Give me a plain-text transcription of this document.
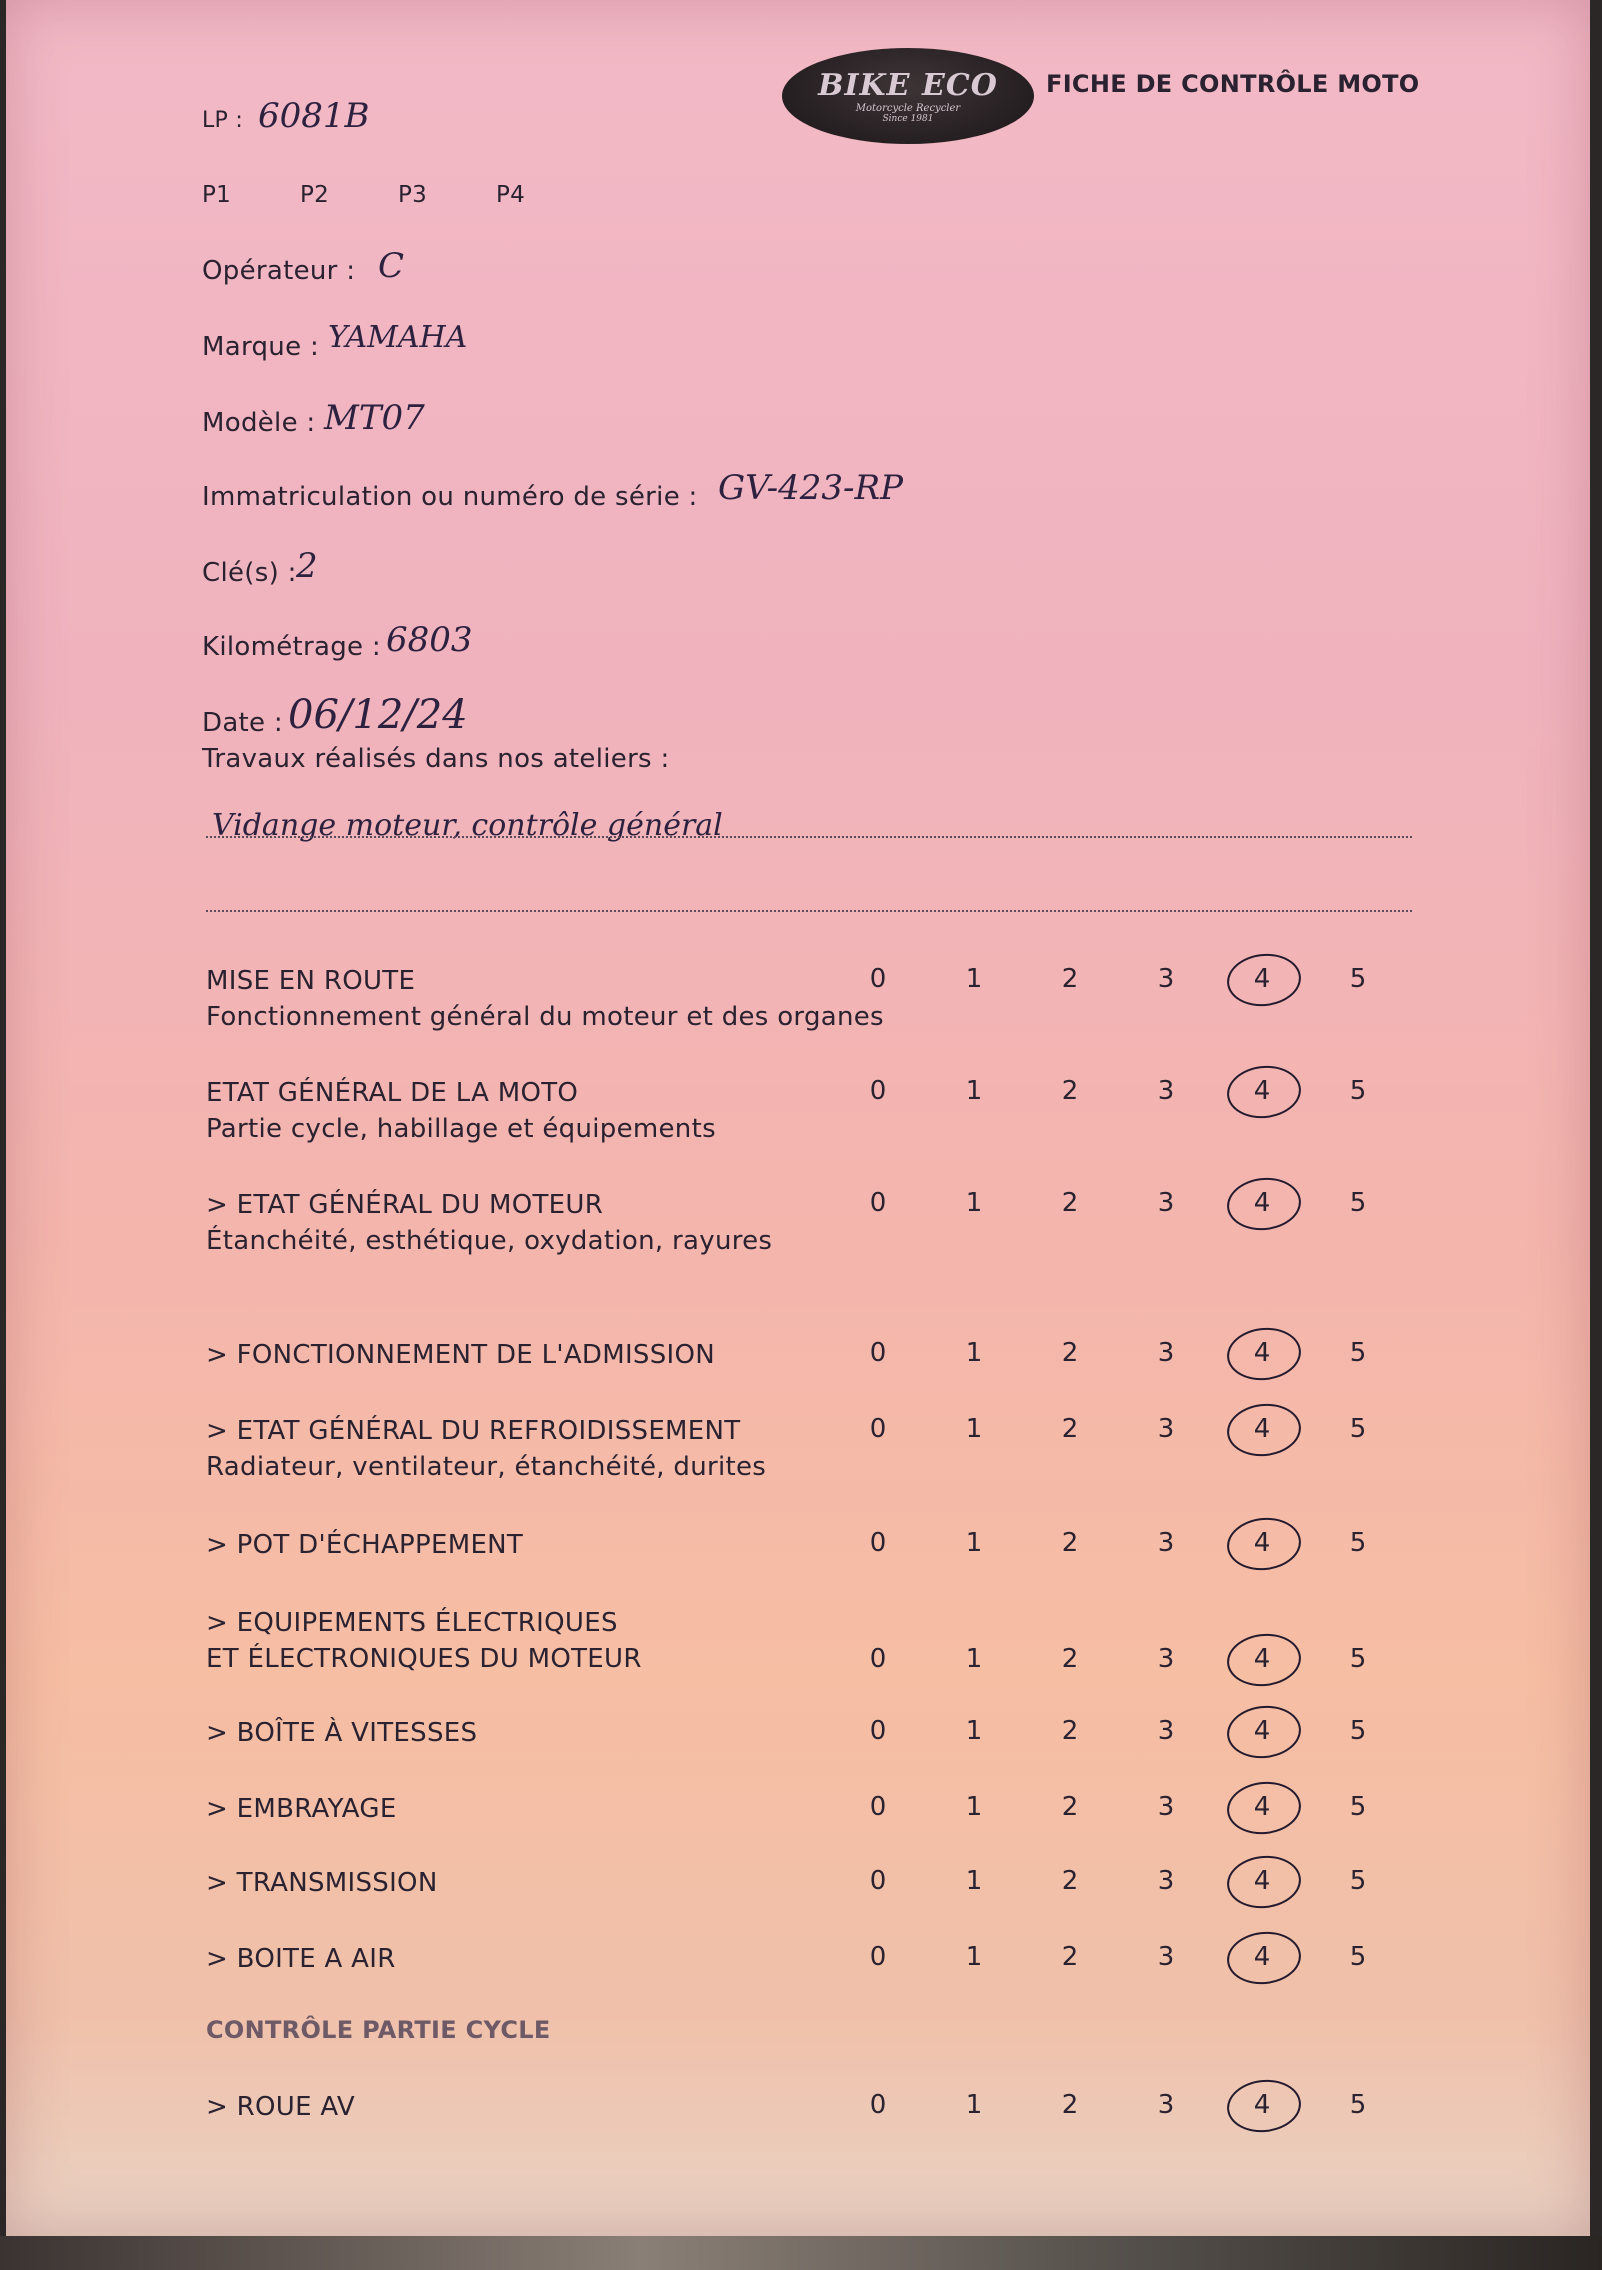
BIKE ECO
Motorcycle Recycler
Since 1981
FICHE DE CONTRÔLE MOTO
LP : 6081B
P1	P2	P3	P4
Opérateur : C
Marque : YAMAHA
Modèle : MT07
Immatriculation ou numéro de série : GV-423-RP
Clé(s) : 2
Kilométrage : 6803
Date : 06/12/24
Travaux réalisés dans nos ateliers :
Vidange moteur, contrôle général
MISE EN ROUTE
Fonctionnement général du moteur et des organes
0	1	2	3	4	5
ETAT GÉNÉRAL DE LA MOTO
Partie cycle, habillage et équipements
0	1	2	3	4	5
> ETAT GÉNÉRAL DU MOTEUR
Étanchéité, esthétique, oxydation, rayures
0	1	2	3	4	5
> FONCTIONNEMENT DE L'ADMISSION	0	1	2	3	4	5
> ETAT GÉNÉRAL DU REFROIDISSEMENT
Radiateur, ventilateur, étanchéité, durites
0	1	2	3	4	5
> POT D'ÉCHAPPEMENT	0	1	2	3	4	5
> EQUIPEMENTS ÉLECTRIQUES
ET ÉLECTRONIQUES DU MOTEUR	0	1	2	3	4	5
> BOÎTE À VITESSES	0	1	2	3	4	5
> EMBRAYAGE	0	1	2	3	4	5
> TRANSMISSION	0	1	2	3	4	5
> BOITE A AIR	0	1	2	3	4	5
> ROUE AV	0	1	2	3	4	5
CONTRÔLE PARTIE CYCLE
